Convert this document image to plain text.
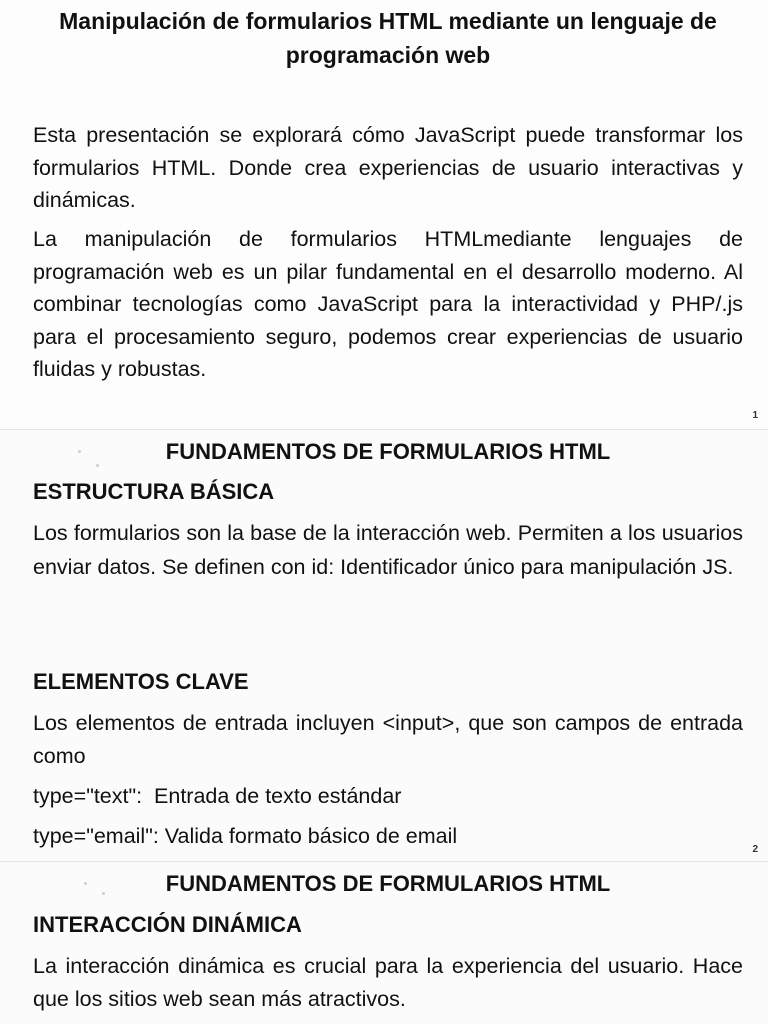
Manipulación de formularios HTML mediante un lenguaje de programación web

Esta presentación se explorará cómo JavaScript puede transformar los formularios HTML. Donde crea experiencias de usuario interactivas y dinámicas.

La manipulación de formularios HTMLmediante lenguajes de programación web es un pilar fundamental en el desarrollo moderno. Al combinar tecnologías como JavaScript para la interactividad y PHP/.js para el procesamiento seguro, podemos crear experiencias de usuario fluidas y robustas.

1
FUNDAMENTOS DE FORMULARIOS HTML
ESTRUCTURA BÁSICA

Los formularios son la base de la interacción web. Permiten a los usuarios enviar datos. Se definen con id: Identificador único para manipulación JS.

ELEMENTOS CLAVE

Los elementos de entrada incluyen <input>, que son campos de entrada como

type="text":  Entrada de texto estándar

type="email": Valida formato básico de email

2
FUNDAMENTOS DE FORMULARIOS HTML
INTERACCIÓN DINÁMICA

La interacción dinámica es crucial para la experiencia del usuario. Hace que los sitios web sean más atractivos.
